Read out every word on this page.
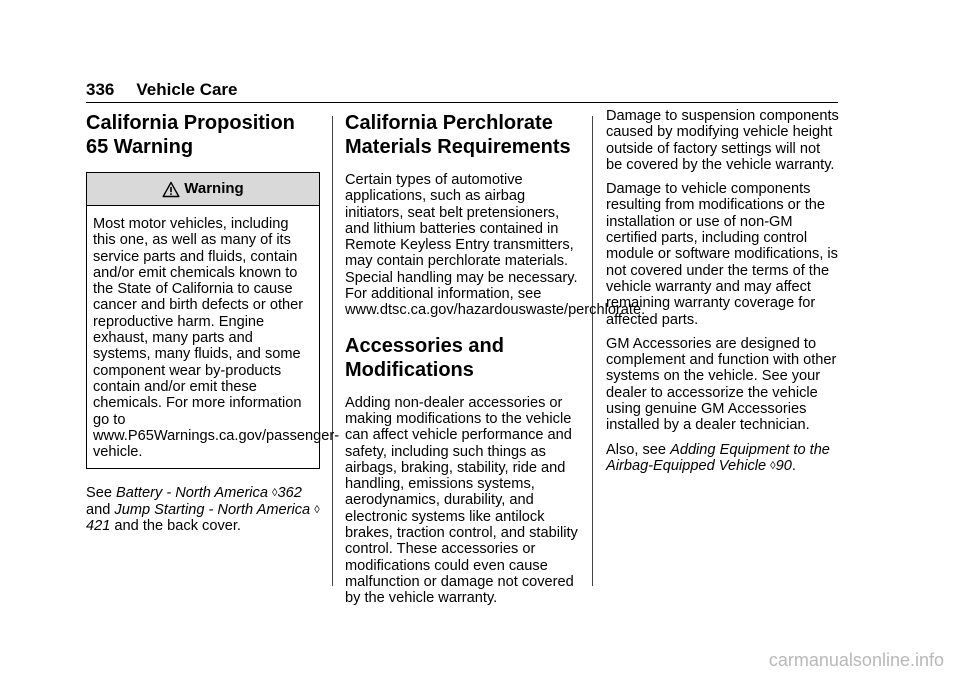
336 Vehicle Care
California Proposition 65 Warning
Warning

Most motor vehicles, including this one, as well as many of its service parts and fluids, contain and/or emit chemicals known to the State of California to cause cancer and birth defects or other reproductive harm. Engine exhaust, many parts and systems, many fluids, and some component wear by-products contain and/or emit these chemicals. For more information go to www.P65Warnings.ca.gov/passenger-vehicle.

See Battery - North America ◊362 and Jump Starting - North America ◊421 and the back cover.

California Perchlorate Materials Requirements

Certain types of automotive applications, such as airbag initiators, seat belt pretensioners, and lithium batteries contained in Remote Keyless Entry transmitters, may contain perchlorate materials. Special handling may be necessary. For additional information, see www.dtsc.ca.gov/hazardouswaste/perchlorate.

Accessories and Modifications

Adding non-dealer accessories or making modifications to the vehicle can affect vehicle performance and safety, including such things as airbags, braking, stability, ride and handling, emissions systems, aerodynamics, durability, and electronic systems like antilock brakes, traction control, and stability control. These accessories or modifications could even cause malfunction or damage not covered by the vehicle warranty.

Damage to suspension components caused by modifying vehicle height outside of factory settings will not be covered by the vehicle warranty.

Damage to vehicle components resulting from modifications or the installation or use of non-GM certified parts, including control module or software modifications, is not covered under the terms of the vehicle warranty and may affect remaining warranty coverage for affected parts.

GM Accessories are designed to complement and function with other systems on the vehicle. See your dealer to accessorize the vehicle using genuine GM Accessories installed by a dealer technician.

Also, see Adding Equipment to the Airbag-Equipped Vehicle ◊90.

carmanualsonline.info
